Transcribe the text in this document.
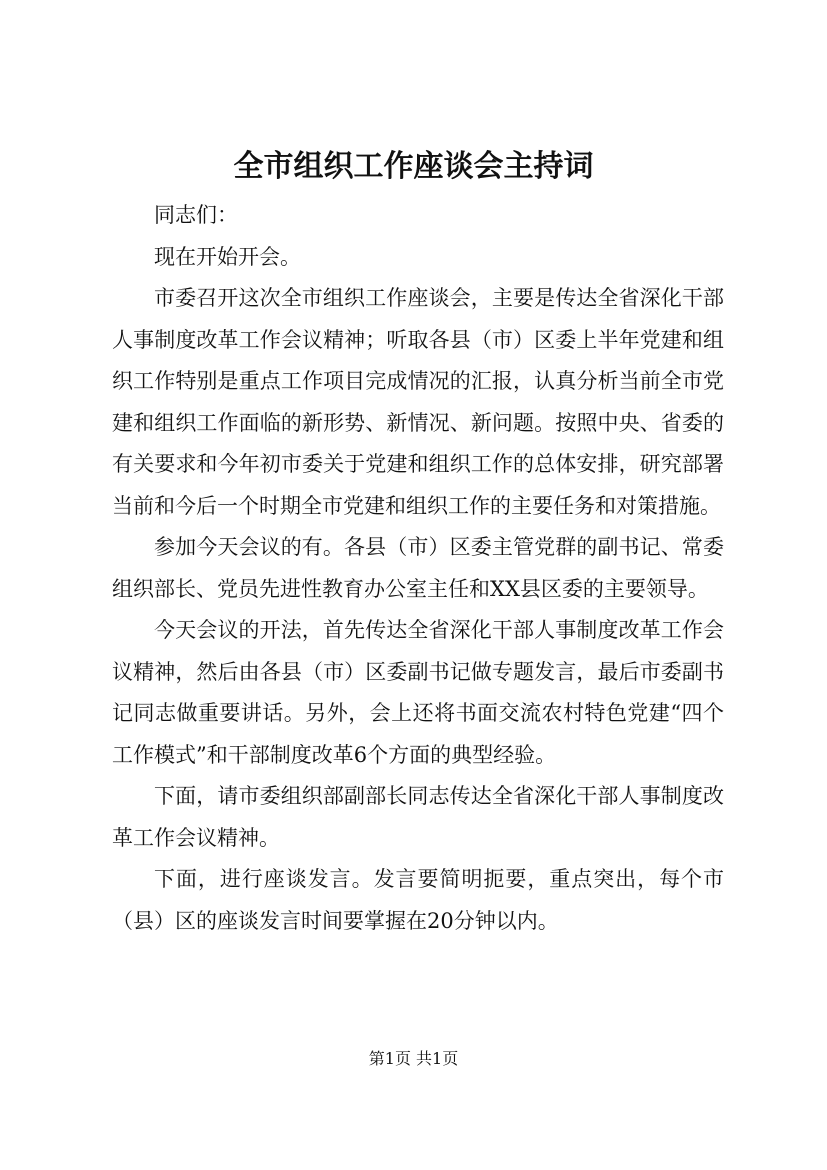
全市组织工作座谈会主持词

同志们：

现在开始开会。

市委召开这次全市组织工作座谈会，主要是传达全省深化干部人事制度改革工作会议精神；听取各县（市）区委上半年党建和组织工作特别是重点工作项目完成情况的汇报，认真分析当前全市党建和组织工作面临的新形势、新情况、新问题。按照中央、省委的有关要求和今年初市委关于党建和组织工作的总体安排，研究部署当前和今后一个时期全市党建和组织工作的主要任务和对策措施。

参加今天会议的有。各县（市）区委主管党群的副书记、常委组织部长、党员先进性教育办公室主任和XX县区委的主要领导。

今天会议的开法，首先传达全省深化干部人事制度改革工作会议精神，然后由各县（市）区委副书记做专题发言，最后市委副书记同志做重要讲话。另外，会上还将书面交流农村特色党建“四个工作模式”和干部制度改革6个方面的典型经验。

下面，请市委组织部副部长同志传达全省深化干部人事制度改革工作会议精神。

下面，进行座谈发言。发言要简明扼要，重点突出，每个市（县）区的座谈发言时间要掌握在20分钟以内。

第1页 共1页
